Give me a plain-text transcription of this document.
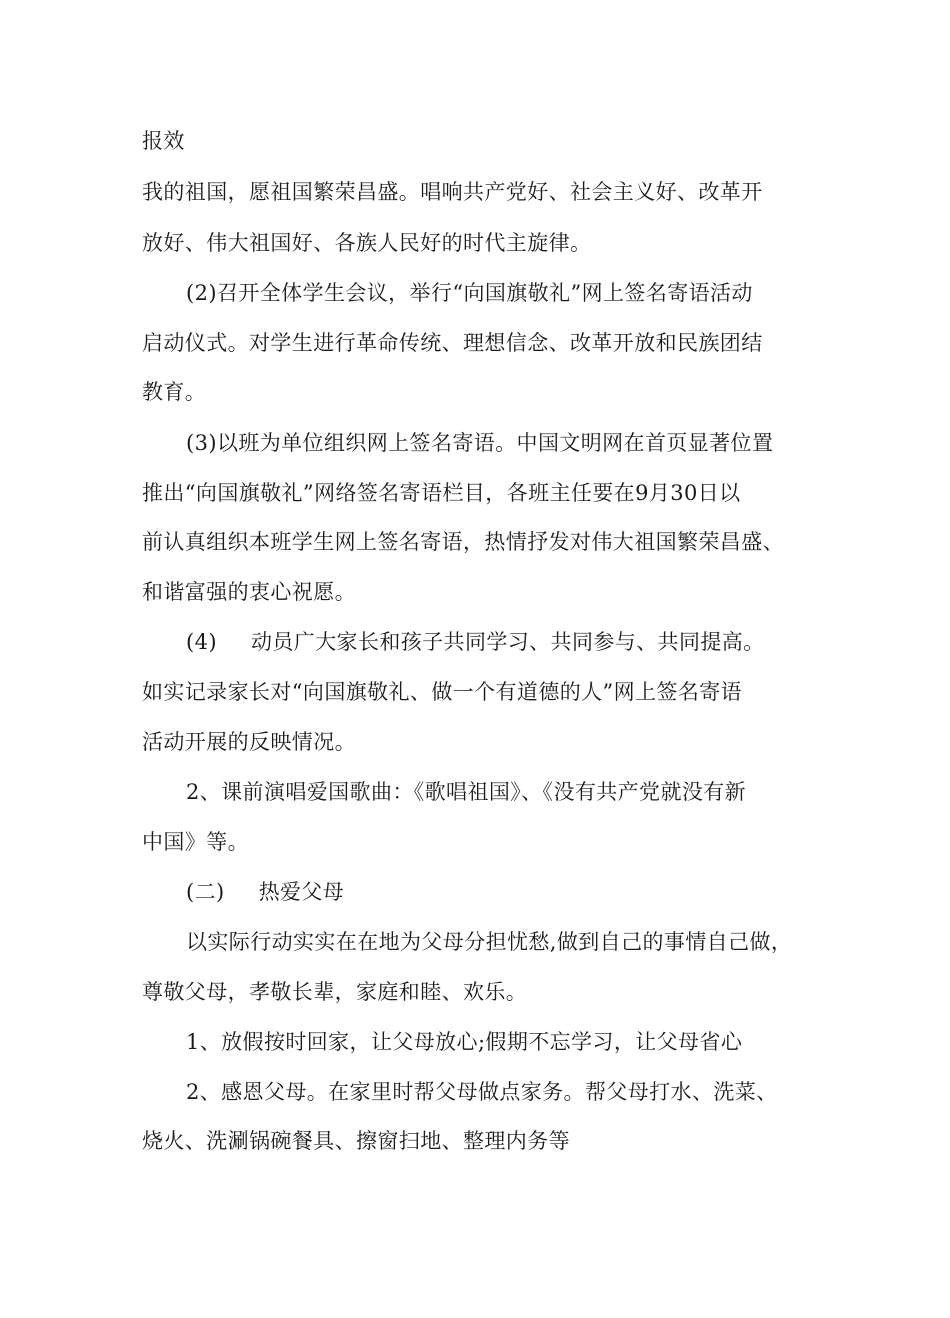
报效
我的祖国，愿祖国繁荣昌盛。唱响共产党好、社会主义好、改革开
放好、伟大祖国好、各族人民好的时代主旋律。
(2)召开全体学生会议，举行“向国旗敬礼”网上签名寄语活动
启动仪式。对学生进行革命传统、理想信念、改革开放和民族团结
教育。
(3)以班为单位组织网上签名寄语。中国文明网在首页显著位置
推出“向国旗敬礼”网络签名寄语栏目，各班主任要在9月30日以
前认真组织本班学生网上签名寄语，热情抒发对伟大祖国繁荣昌盛、
和谐富强的衷心祝愿。
(4) 动员广大家长和孩子共同学习、共同参与、共同提高。
如实记录家长对“向国旗敬礼、做一个有道德的人”网上签名寄语
活动开展的反映情况。
2、课前演唱爱国歌曲：《歌唱祖国》、《没有共产党就没有新
中国》等。
(二) 热爱父母
以实际行动实实在在地为父母分担忧愁,做到自己的事情自己做，
尊敬父母，孝敬长辈，家庭和睦、欢乐。
1、放假按时回家，让父母放心;假期不忘学习，让父母省心
2、感恩父母。在家里时帮父母做点家务。帮父母打水、洗菜、
烧火、洗涮锅碗餐具、擦窗扫地、整理内务等
